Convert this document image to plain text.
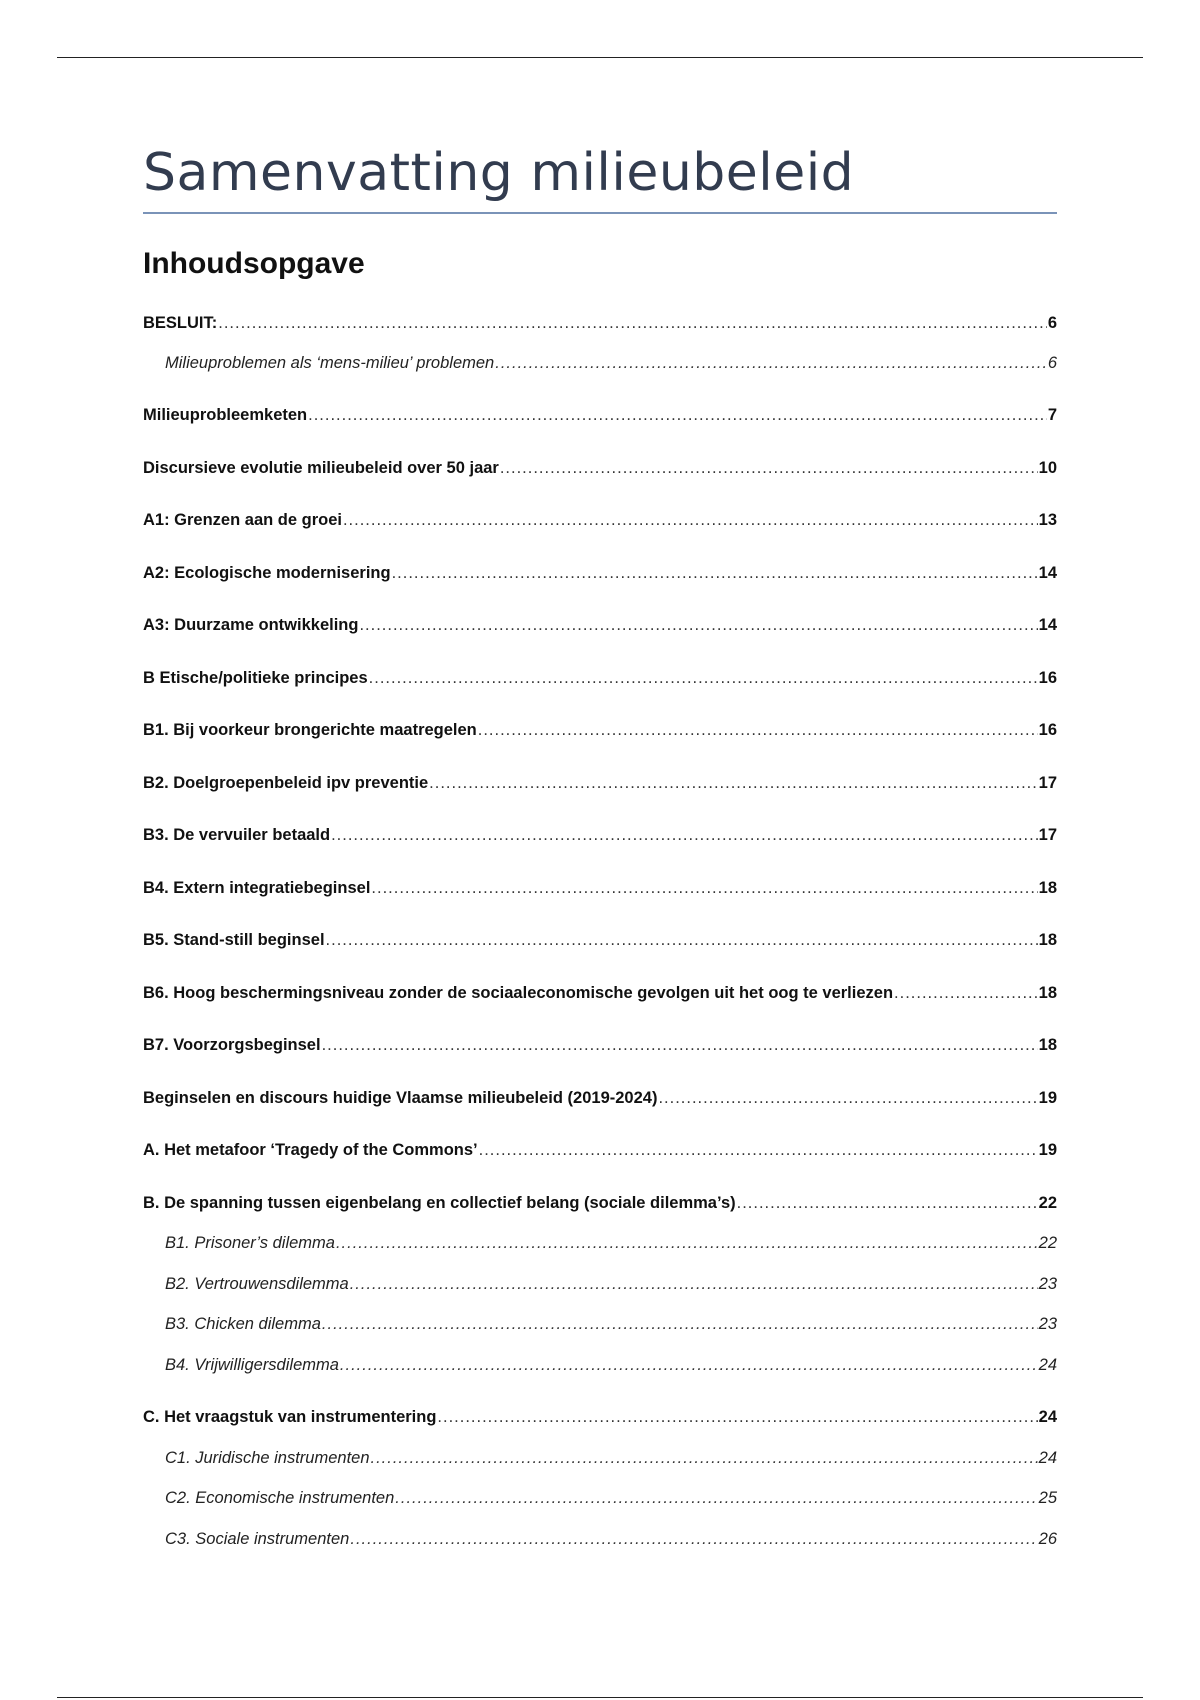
Samenvatting milieubeleid
Inhoudsopgave
BESLUIT: .....	6
Milieuproblemen als ‘mens-milieu’ problemen .....	6
Milieuprobleemketen .....	7
Discursieve evolutie milieubeleid over 50 jaar .....	10
A1: Grenzen aan de groei .....	13
A2: Ecologische modernisering .....	14
A3: Duurzame ontwikkeling .....	14
B Etische/politieke principes .....	16
B1. Bij voorkeur brongerichte maatregelen .....	16
B2. Doelgroepenbeleid ipv preventie .....	17
B3. De vervuiler betaald .....	17
B4. Extern integratiebeginsel .....	18
B5. Stand-still beginsel .....	18
B6. Hoog beschermingsniveau zonder de sociaaleconomische gevolgen uit het oog te verliezen .....	18
B7. Voorzorgsbeginsel .....	18
Beginselen en discours huidige Vlaamse milieubeleid (2019-2024) .....	19
A. Het metafoor ‘Tragedy of the Commons’ .....	19
B. De spanning tussen eigenbelang en collectief belang (sociale dilemma’s) .....	22
B1. Prisoner’s dilemma .....	22
B2. Vertrouwensdilemma .....	23
B3. Chicken dilemma .....	23
B4. Vrijwilligersdilemma .....	24
C. Het vraagstuk van instrumentering .....	24
C1. Juridische instrumenten .....	24
C2. Economische instrumenten .....	25
C3. Sociale instrumenten .....	26
